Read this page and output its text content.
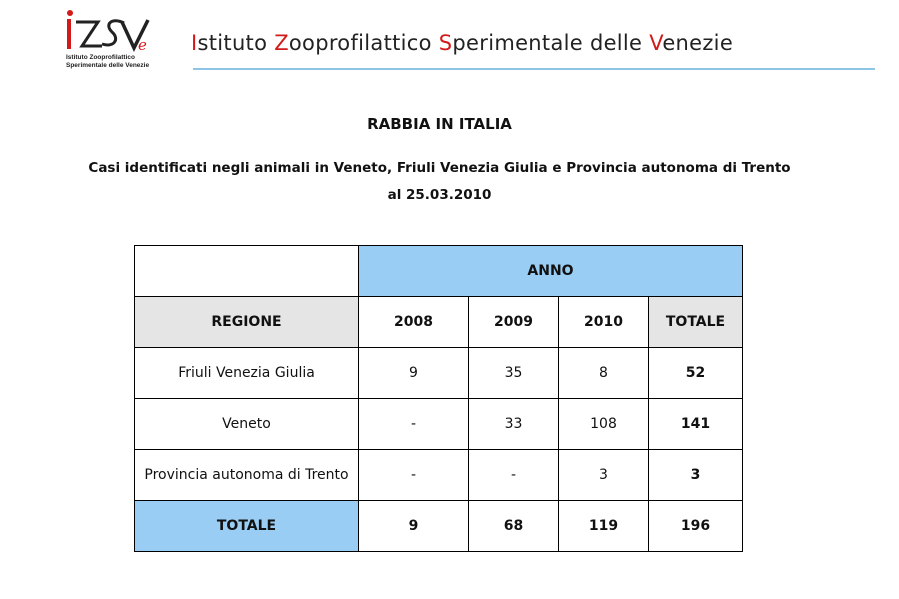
e
Istituto Zooprofilattico
Sperimentale delle Venezie
Istituto Zooprofilattico Sperimentale delle Venezie
RABBIA IN ITALIA
Casi identificati negli animali in Veneto, Friuli Venezia Giulia e Provincia autonoma di Trento
al 25.03.2010
	ANNO			
REGIONE	2008	2009	2010	TOTALE
Friuli Venezia Giulia	9	35	8	52
Veneto	-	33	108	141
Provincia autonoma di Trento	-	-	3	3
TOTALE	9	68	119	196
